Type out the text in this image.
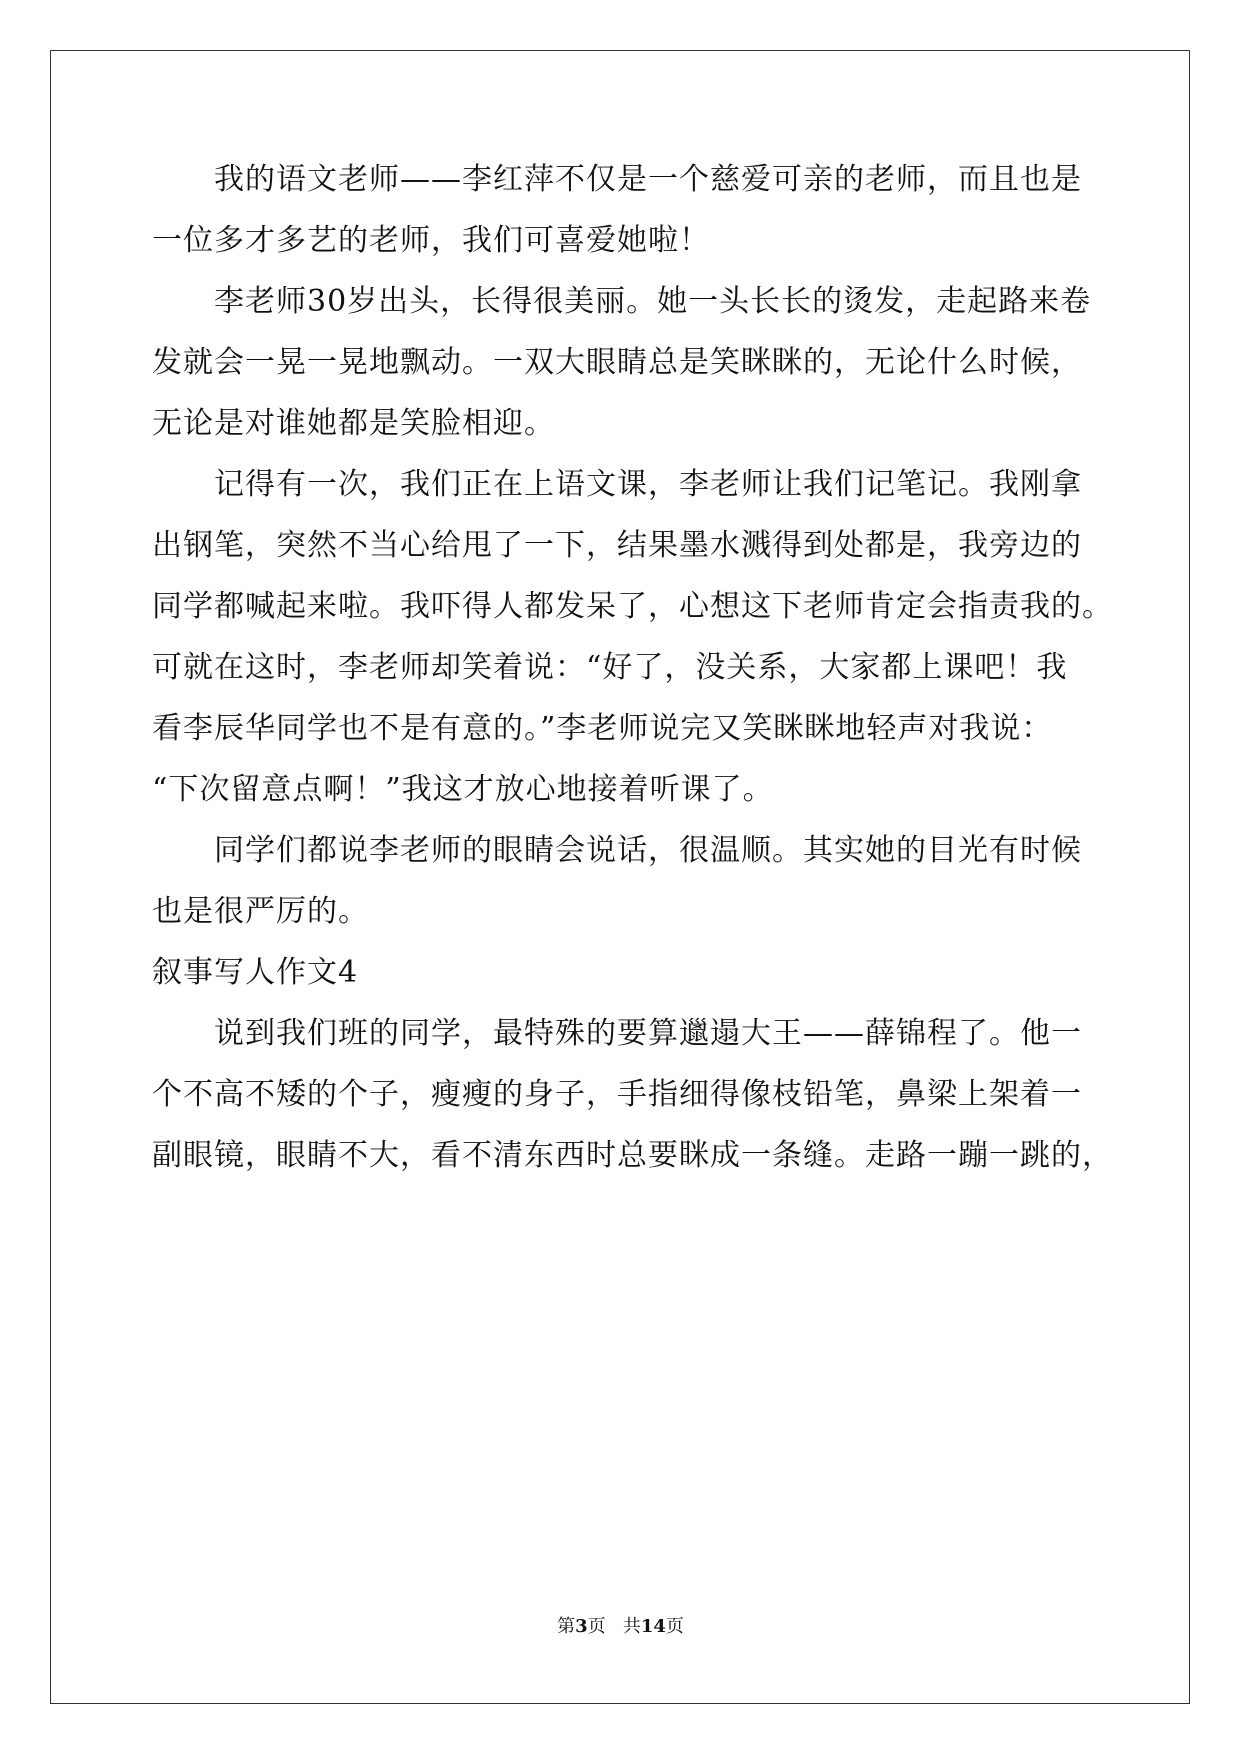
我的语文老师——李红萍不仅是一个慈爱可亲的老师，而且也是
一位多才多艺的老师，我们可喜爱她啦！
李老师30岁出头，长得很美丽。她一头长长的烫发，走起路来卷
发就会一晃一晃地飘动。一双大眼睛总是笑眯眯的，无论什么时候，
无论是对谁她都是笑脸相迎。
记得有一次，我们正在上语文课，李老师让我们记笔记。我刚拿
出钢笔，突然不当心给甩了一下，结果墨水溅得到处都是，我旁边的
同学都喊起来啦。我吓得人都发呆了，心想这下老师肯定会指责我的。
可就在这时，李老师却笑着说：“好了，没关系，大家都上课吧！我
看李辰华同学也不是有意的。”李老师说完又笑眯眯地轻声对我说：
“下次留意点啊！”我这才放心地接着听课了。
同学们都说李老师的眼睛会说话，很温顺。其实她的目光有时候
也是很严厉的。
叙事写人作文4
说到我们班的同学，最特殊的要算邋遢大王——薛锦程了。他一
个不高不矮的个子，瘦瘦的身子，手指细得像枝铅笔，鼻梁上架着一
副眼镜，眼睛不大，看不清东西时总要眯成一条缝。走路一蹦一跳的，
第3页 共14页
